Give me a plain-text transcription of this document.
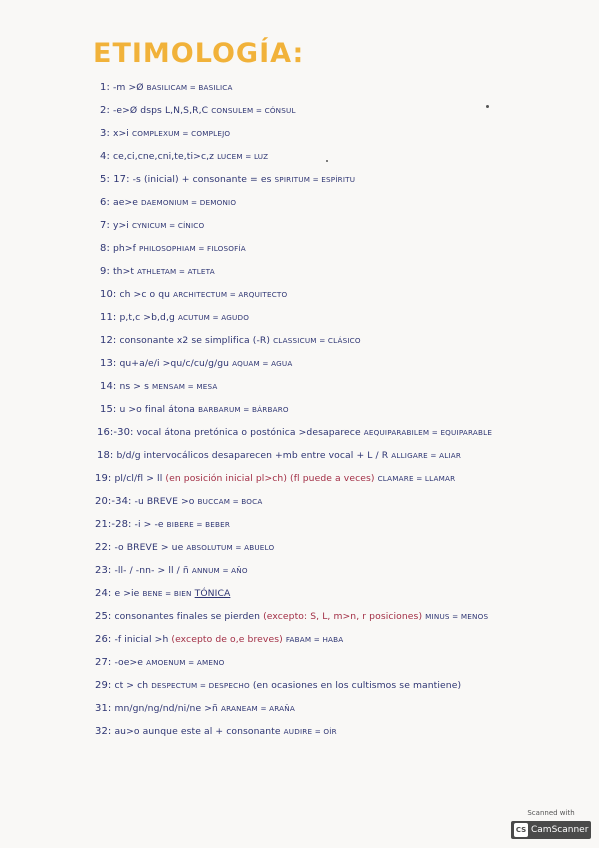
ETIMOLOGÍA:
1: -m >Ø BASILICAM = BASILICA
2: -e>Ø dsps L,N,S,R,C CONSULEM = CÓNSUL
3: x>i COMPLEXUM = COMPLEJO
4: ce,ci,cne,cni,te,ti>c,z LUCEM = LUZ
5: 17: -s (inicial) + consonante = es SPIRITUM = ESPÍRITU
6: ae>e DAEMONIUM = DEMONIO
7: y>i CYNICUM = CÍNICO
8: ph>f PHILOSOPHIAM = FILOSOFÍA
9: th>t ATHLETAM = ATLETA
10: ch >c o qu ARCHITECTUM = ARQUITECTO
11: p,t,c >b,d,g ACUTUM = AGUDO
12: consonante x2 se simplifica (-R) CLASSICUM = CLÁSICO
13: qu+a/e/i >qu/c/cu/g/gu AQUAM = AGUA
14: ns > s MENSAM = MESA
15: u >o final átona BARBARUM = BÁRBARO
16:-30: vocal átona pretónica o postónica >desaparece AEQUIPARABILEM = EQUIPARABLE
18: b/d/g intervocálicos desaparecen +mb entre vocal + L / R ALLIGARE = ALIAR
19: pl/cl/fl > ll (en posición inicial pl>ch) (fl puede a veces) CLAMARE = LLAMAR
20:-34: -u BREVE >o BUCCAM = BOCA
21:-28: -i > -e BIBERE = BEBER
22: -o BREVE > ue ABSOLUTUM = ABUELO
23: -ll- / -nn- > ll / ñ ANNUM = AÑO
24: e >ie BENE = BIEN TÓNICA
25: consonantes finales se pierden (excepto: S, L, m>n, r posiciones) MINUS = MENOS
26: -f inicial >h (excepto de o,e breves) FABAM = HABA
27: -oe>e AMOENUM = AMENO
29: ct > ch DESPECTUM = DESPECHO (en ocasiones en los cultismos se mantiene)
31: mn/gn/ng/nd/ni/ne >ñ ARANEAM = ARAÑA
32: au>o aunque este al + consonante AUDIRE = OÍR
Scanned with
CS CamScanner
